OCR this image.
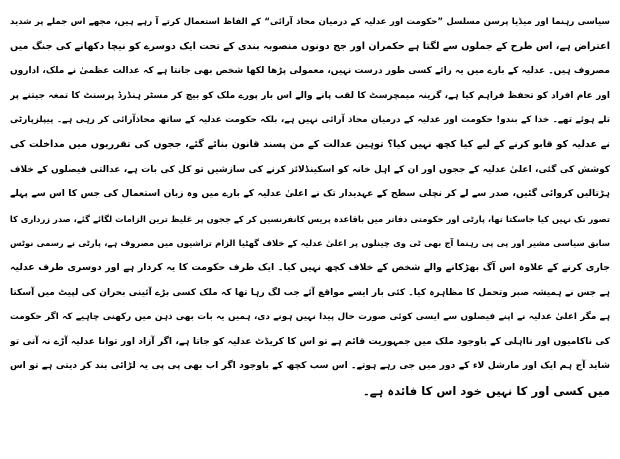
سیاسی رہنما اور میڈیا پرسن مسلسل ”حکومت اور عدلیہ کے درمیان محاذ آرائی“ کے الفاظ استعمال کرتے آ رہے ہیں، مجھے اس جملے پر شدید
اعتراض ہے، اس طرح کے جملوں سے لگتا ہے حکمران اور جج دونوں منصوبہ بندی کے تحت ایک دوسرے کو نیچا دکھانے کی جنگ میں
مصروف ہیں۔ عدلیہ کے بارے میں یہ رائے کسی طور درست نہیں، معمولی پڑھا لکھا شخص بھی جانتا ہے کہ عدالت عظمیٰ نے ملک، اداروں
اور عام افراد کو تحفظ فراہم کیا ہے، گرینہ میمچرسٹ کا لقب پانے والے اس بار پورے ملک کو بیچ کر مسٹر ہنڈرڈ پرسنٹ کا تمغہ جیتنے پر
تلے ہوئے تھے۔ خدا کے بندو! حکومت اور عدلیہ کے درمیان محاذ آرائی نہیں ہے، بلکہ حکومت عدلیہ کے ساتھ محاذآرائی کر رہی ہے۔ پیپلزپارٹی
نے عدلیہ کو قابو کرنے کے لیے کیا کچھ نہیں کیا؟ توہین عدالت کے من پسند قانون بنائے گئے، ججوں کی تقرریوں میں مداخلت کی
کوشش کی گئی، اعلیٰ عدلیہ کے ججوں اور ان کے اہل خانہ کو اسکینڈلائز کرنے کی سازشیں تو کل کی بات ہے، عدالتی فیصلوں کے خلاف
ہڑتالیں کروائی گئیں، صدر سے لے کر نچلی سطح کے عہدیدار تک نے اعلیٰ عدلیہ کے بارے میں وہ زبان استعمال کی جس کا اس سے پہلے
تصور تک نہیں کیا جاسکتا تھا، پارٹی اور حکومتی دفاتر میں باقاعدہ پریس کانفرنسیں کر کے ججوں پر غلیظ ترین الزامات لگائے گئے، صدر زرداری کا
سابق سیاسی مشیر اور پی پی رہنما آج بھی ٹی وی چینلوں پر اعلیٰ عدلیہ کے خلاف گھٹیا الزام تراشیوں میں مصروف ہے، پارٹی نے رسمی نوٹس
جاری کرنے کے علاوہ اس آگ بھڑکانے والے شخص کے خلاف کچھ نہیں کیا۔ ایک طرف حکومت کا یہ کردار ہے اور دوسری طرف عدلیہ
ہے جس نے ہمیشہ صبر وتحمل کا مظاہرہ کیا۔ کئی بار ایسے مواقع آئے جب لگ رہا تھا کہ ملک کسی بڑے آئینی بحران کی لپیٹ میں آسکتا
ہے مگر اعلیٰ عدلیہ نے اپنے فیصلوں سے ایسی کوئی صورت حال پیدا نہیں ہونے دی، ہمیں یہ بات بھی ذہن میں رکھنی چاہیے کہ اگر حکومت
کی ناکامیوں اور نااہلی کے باوجود ملک میں جمہوریت قائم ہے تو اس کا کریڈٹ عدلیہ کو جاتا ہے، اگر آزاد اور توانا عدلیہ آڑے نہ آتی تو
شاید آج ہم ایک اور مارشل لاء کے دور میں جی رہے ہوتے۔ اس سب کچھ کے باوجود اگر اب بھی پی پی یہ لڑائی بند کر دیتی ہے تو اس
میں کسی اور کا نہیں خود اس کا فائدہ ہے۔
